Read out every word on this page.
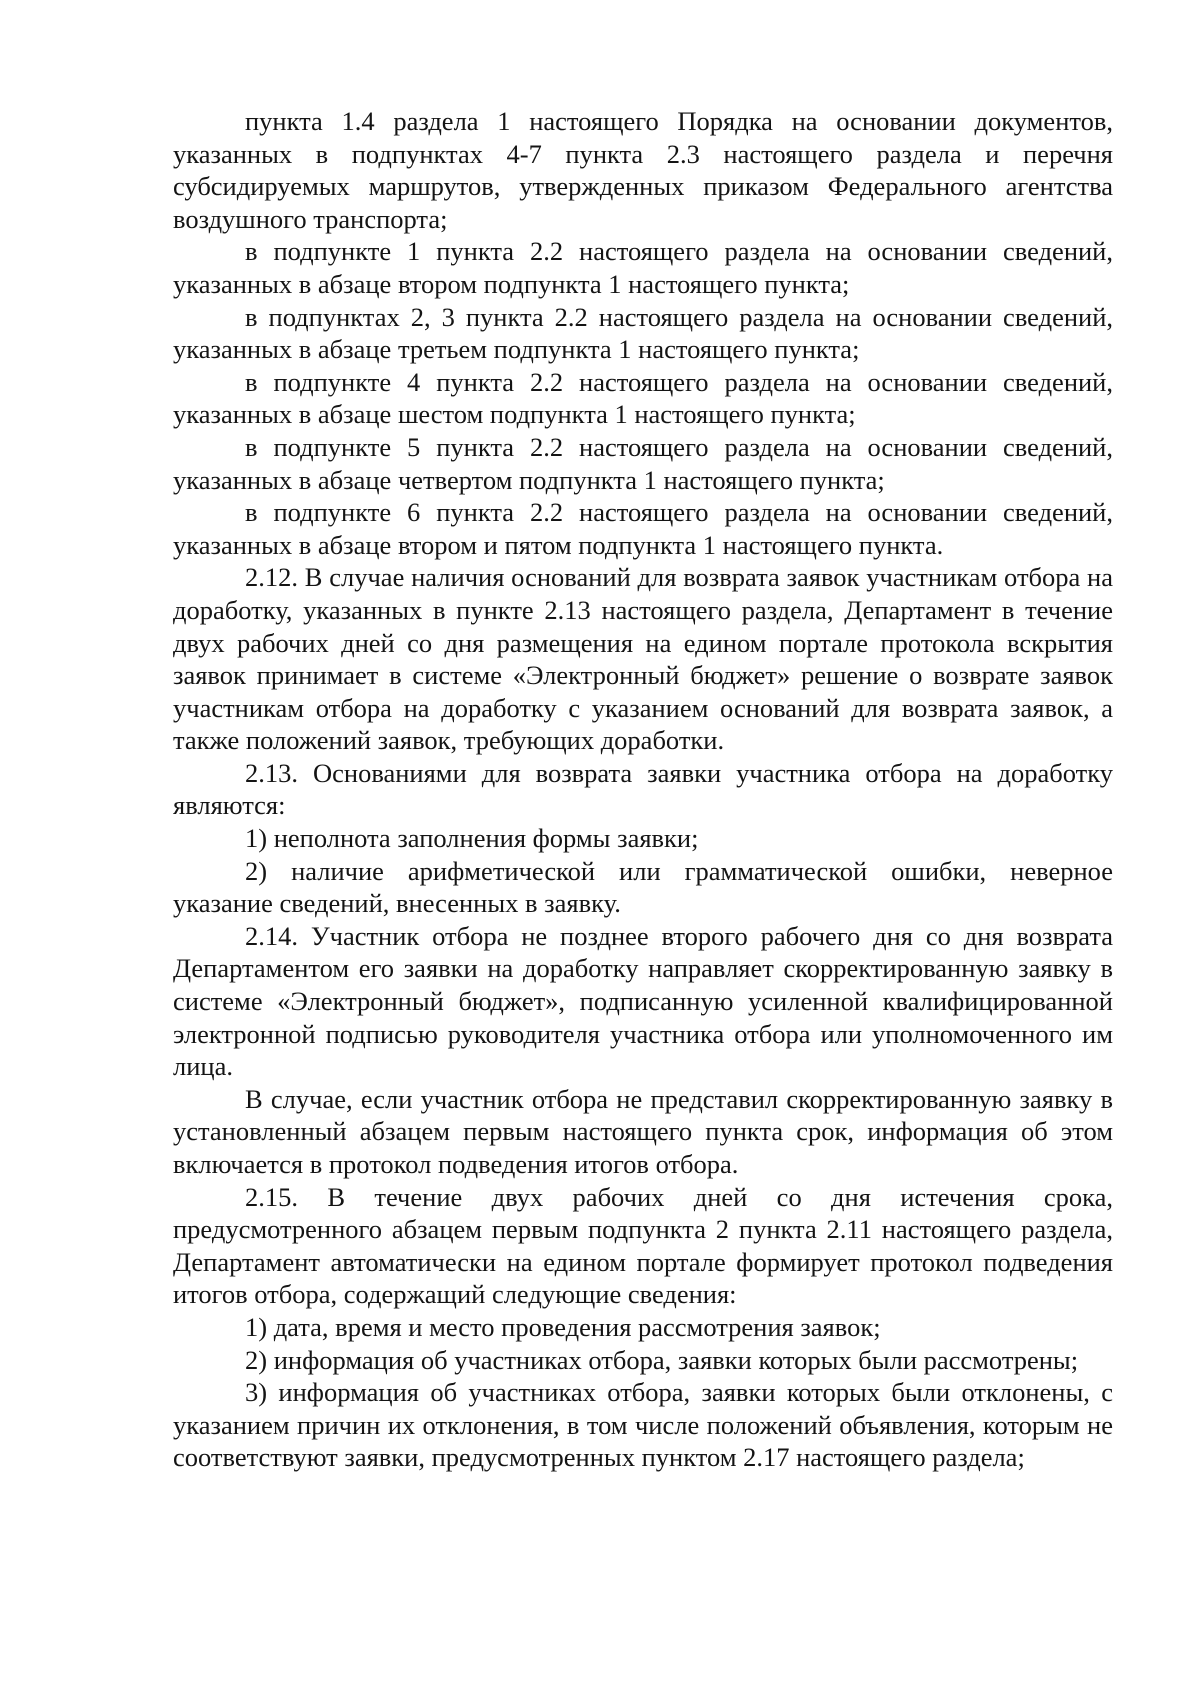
пункта 1.4 раздела 1 настоящего Порядка на основании документов, указанных в подпунктах 4-7 пункта 2.3 настоящего раздела и перечня субсидируемых маршрутов, утвержденных приказом Федерального агентства воздушного транспорта;

в подпункте 1 пункта 2.2 настоящего раздела на основании сведений, указанных в абзаце втором подпункта 1 настоящего пункта;

в подпунктах 2, 3 пункта 2.2 настоящего раздела на основании сведений, указанных в абзаце третьем подпункта 1 настоящего пункта;

в подпункте 4 пункта 2.2 настоящего раздела на основании сведений, указанных в абзаце шестом подпункта 1 настоящего пункта;

в подпункте 5 пункта 2.2 настоящего раздела на основании сведений, указанных в абзаце четвертом подпункта 1 настоящего пункта;

в подпункте 6 пункта 2.2 настоящего раздела на основании сведений, указанных в абзаце втором и пятом подпункта 1 настоящего пункта.

2.12. В случае наличия оснований для возврата заявок участникам отбора на доработку, указанных в пункте 2.13 настоящего раздела, Департамент в течение двух рабочих дней со дня размещения на едином портале протокола вскрытия заявок принимает в системе «Электронный бюджет» решение о возврате заявок участникам отбора на доработку с указанием оснований для возврата заявок, а также положений заявок, требующих доработки.

2.13. Основаниями для возврата заявки участника отбора на доработку являются:

1) неполнота заполнения формы заявки;

2) наличие арифметической или грамматической ошибки, неверное указание сведений, внесенных в заявку.

2.14. Участник отбора не позднее второго рабочего дня со дня возврата Департаментом его заявки на доработку направляет скорректированную заявку в системе «Электронный бюджет», подписанную усиленной квалифицированной электронной подписью руководителя участника отбора или уполномоченного им лица.

В случае, если участник отбора не представил скорректированную заявку в установленный абзацем первым настоящего пункта срок, информация об этом включается в протокол подведения итогов отбора.

2.15. В течение двух рабочих дней со дня истечения срока, предусмотренного абзацем первым подпункта 2 пункта 2.11 настоящего раздела, Департамент автоматически на едином портале формирует протокол подведения итогов отбора, содержащий следующие сведения:

1) дата, время и место проведения рассмотрения заявок;

2) информация об участниках отбора, заявки которых были рассмотрены;

3) информация об участниках отбора, заявки которых были отклонены, с указанием причин их отклонения, в том числе положений объявления, которым не соответствуют заявки, предусмотренных пунктом 2.17 настоящего раздела;
